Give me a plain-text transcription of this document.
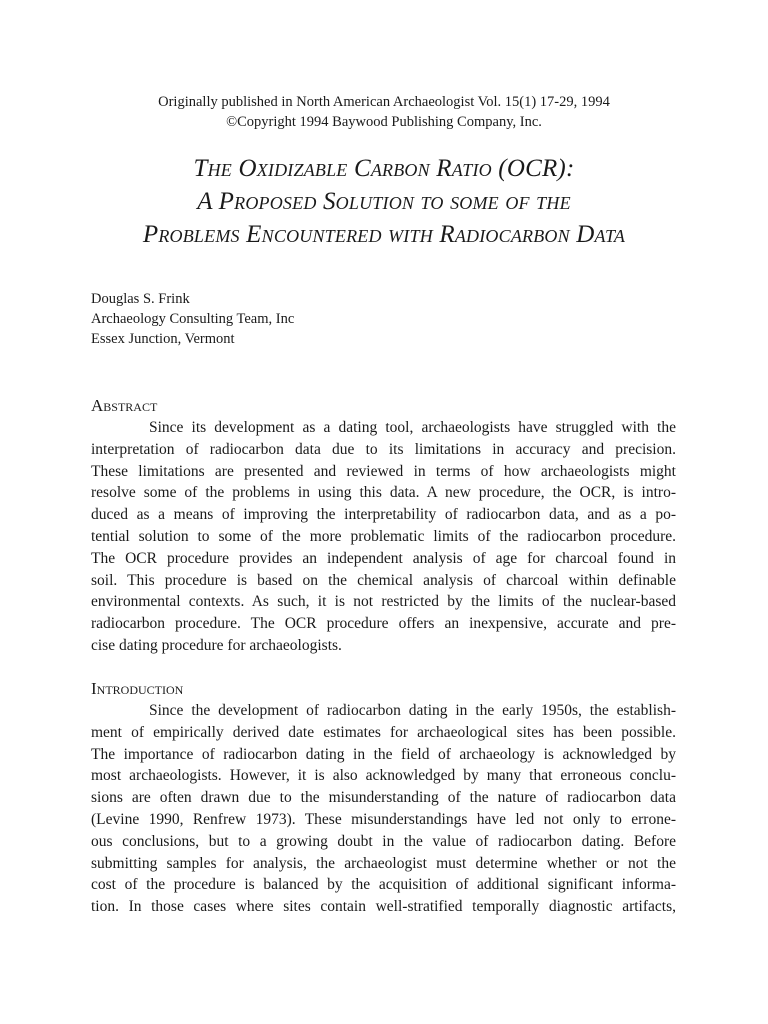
Originally published in North American Archaeologist Vol. 15(1) 17-29, 1994
©Copyright 1994 Baywood Publishing Company, Inc.
The Oxidizable Carbon Ratio (OCR):
A Proposed Solution to some of the
Problems Encountered with Radiocarbon Data
Douglas S. Frink
Archaeology Consulting Team, Inc
Essex Junction, Vermont
Abstract
Since its development as a dating tool, archaeologists have struggled with the
interpretation of radiocarbon data due to its limitations in accuracy and precision.
These limitations are presented and reviewed in terms of how archaeologists might
resolve some of the problems in using this data. A new procedure, the OCR, is intro-
duced as a means of improving the interpretability of radiocarbon data, and as a po-
tential solution to some of the more problematic limits of the radiocarbon procedure.
The OCR procedure provides an independent analysis of age for charcoal found in
soil. This procedure is based on the chemical analysis of charcoal within definable
environmental contexts. As such, it is not restricted by the limits of the nuclear-based
radiocarbon procedure. The OCR procedure offers an inexpensive, accurate and pre-
cise dating procedure for archaeologists.
Introduction
Since the development of radiocarbon dating in the early 1950s, the establish-
ment of empirically derived date estimates for archaeological sites has been possible.
The importance of radiocarbon dating in the field of archaeology is acknowledged by
most archaeologists. However, it is also acknowledged by many that erroneous conclu-
sions are often drawn due to the misunderstanding of the nature of radiocarbon data
(Levine 1990, Renfrew 1973). These misunderstandings have led not only to errone-
ous conclusions, but to a growing doubt in the value of radiocarbon dating. Before
submitting samples for analysis, the archaeologist must determine whether or not the
cost of the procedure is balanced by the acquisition of additional significant informa-
tion. In those cases where sites contain well-stratified temporally diagnostic artifacts,
